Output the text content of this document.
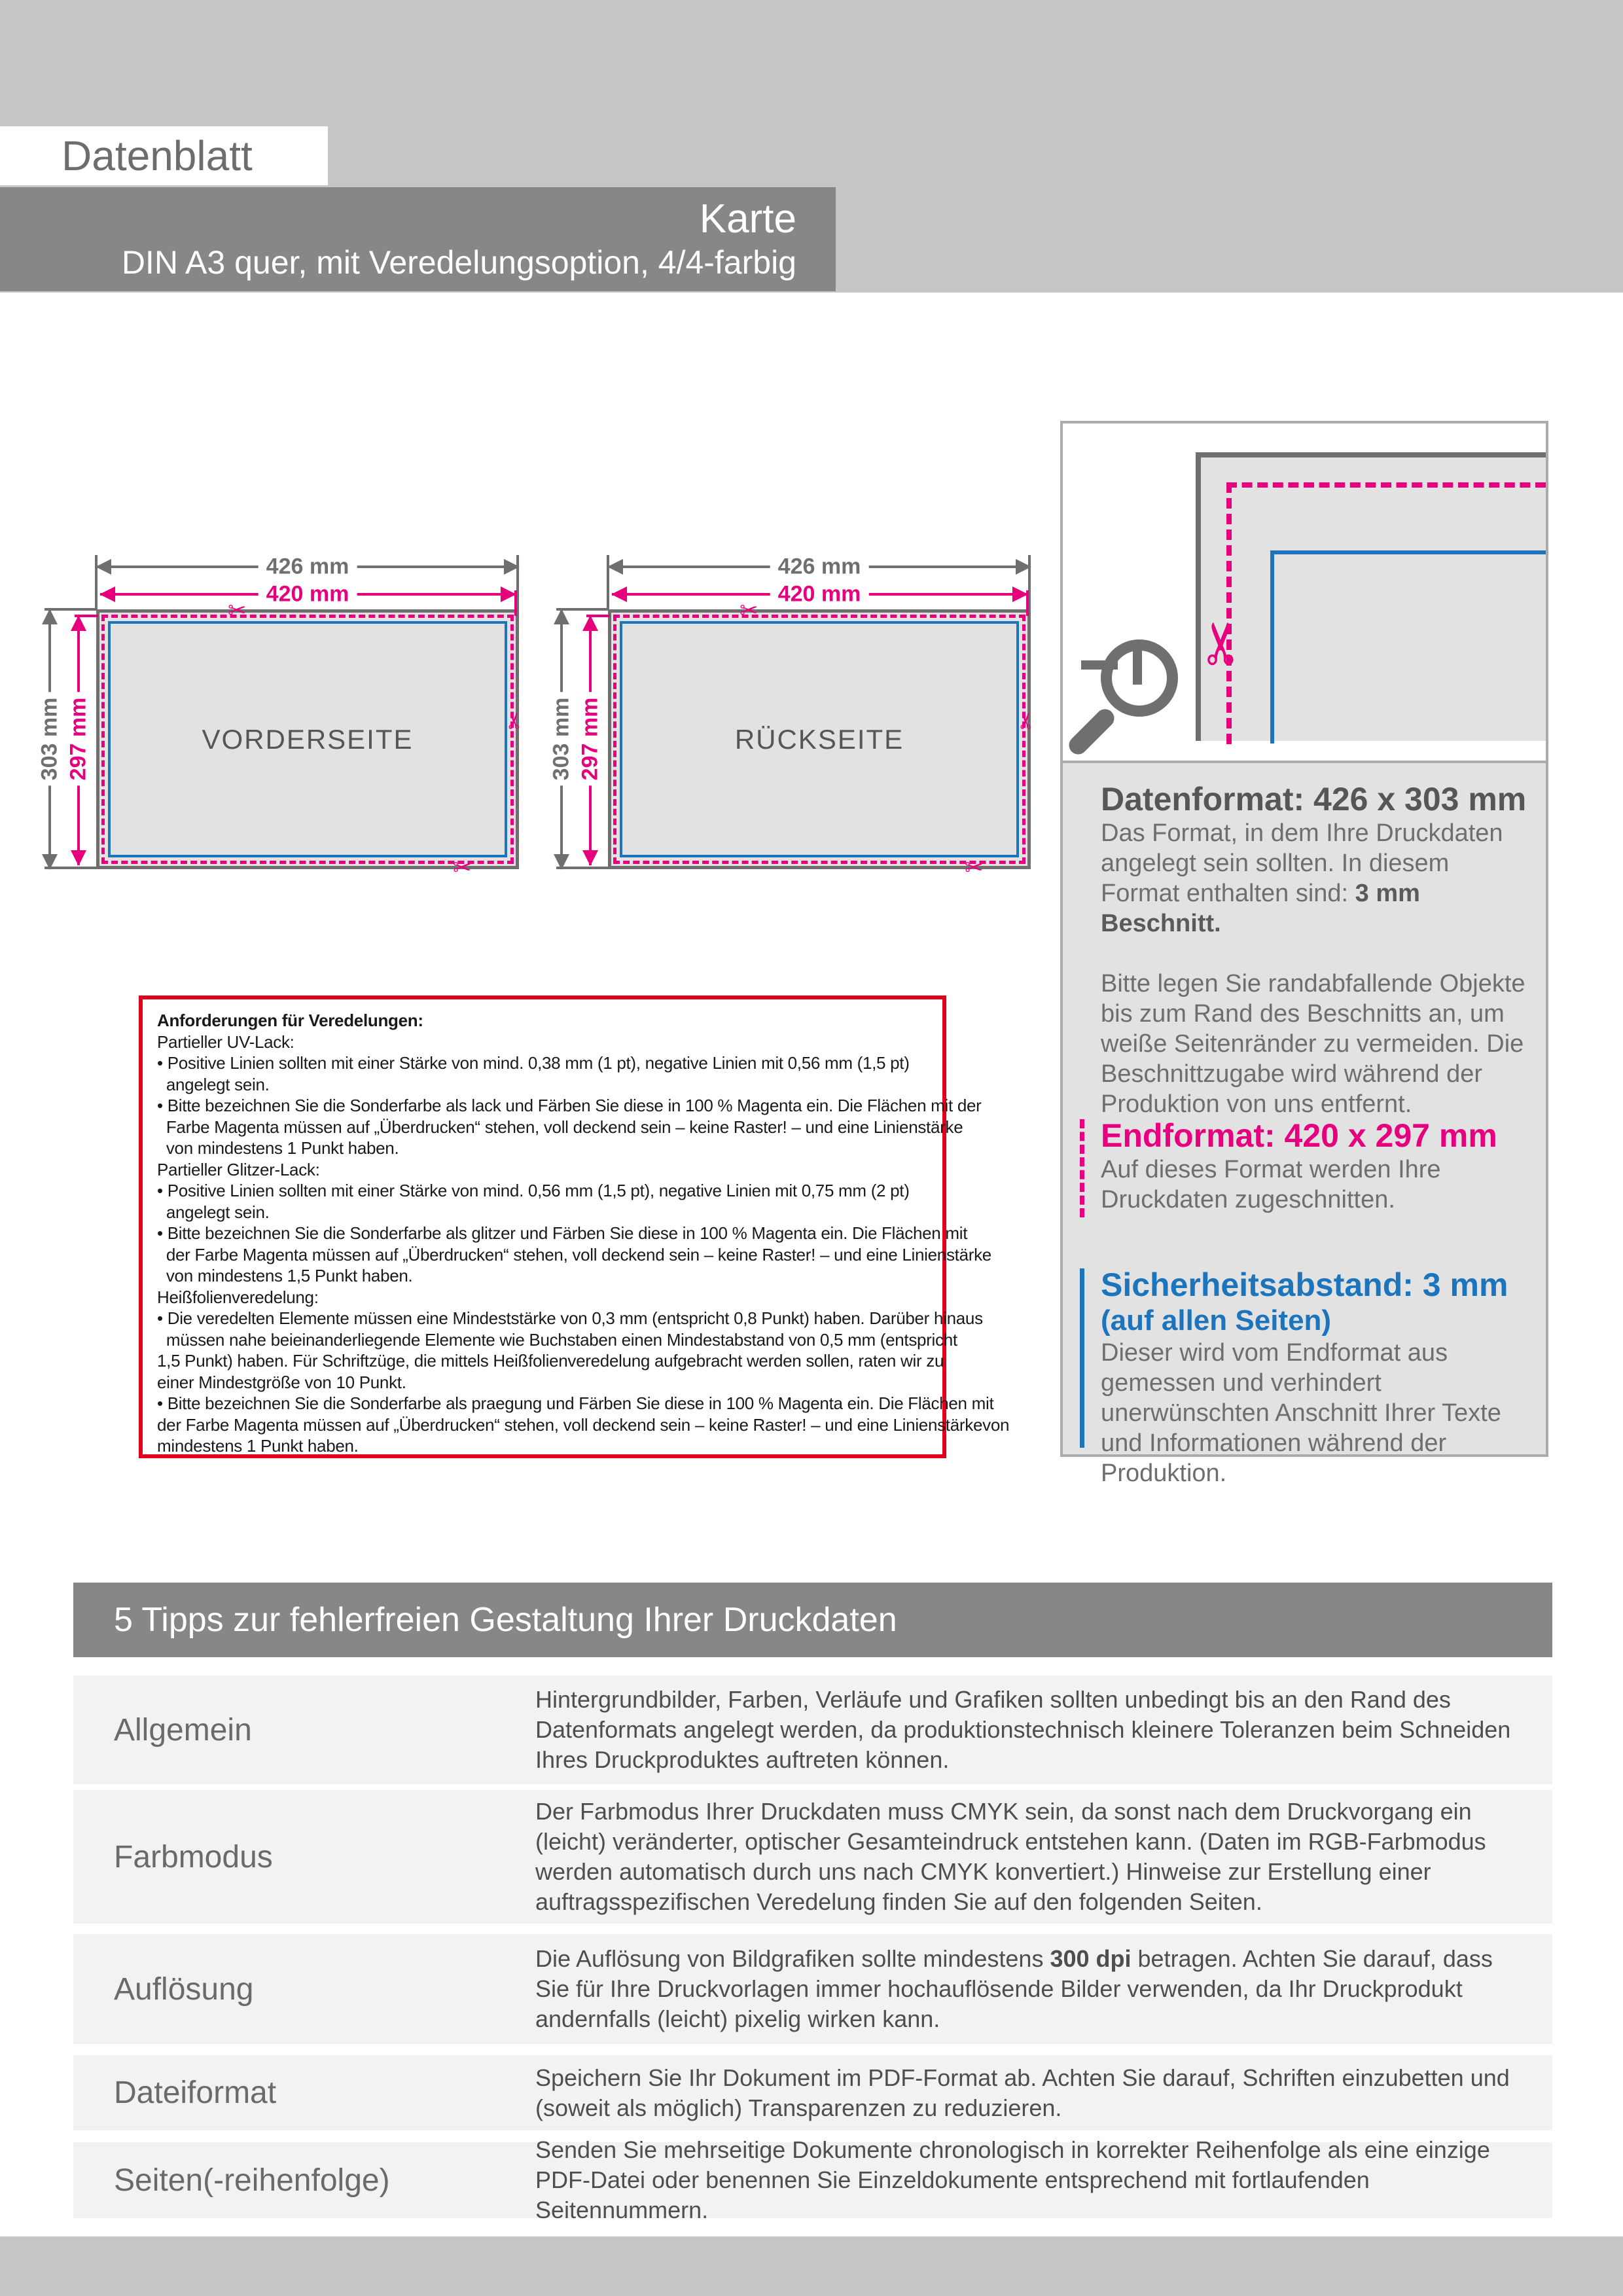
Datenblatt
Karte
DIN A3 quer, mit Veredelungsoption, 4/4-farbig
✂
✂
✂
VORDERSEITE
426 mm
420 mm
303 mm 297 mm
✂
✂
✂
RÜCKSEITE
426 mm
420 mm
303 mm 297 mm
Anforderungen für Veredelungen:
Partieller UV-Lack:
• Positive Linien sollten mit einer Stärke von mind. 0,38 mm (1 pt), negative Linien mit 0,56 mm (1,5 pt)
angelegt sein.
• Bitte bezeichnen Sie die Sonderfarbe als lack und Färben Sie diese in 100 % Magenta ein. Die Flächen mit der
Farbe Magenta müssen auf „Überdrucken“ stehen, voll deckend sein – keine Raster! – und eine Linienstärke
von mindestens 1 Punkt haben.
Partieller Glitzer-Lack:
• Positive Linien sollten mit einer Stärke von mind. 0,56 mm (1,5 pt), negative Linien mit 0,75 mm (2 pt)
angelegt sein.
• Bitte bezeichnen Sie die Sonderfarbe als glitzer und Färben Sie diese in 100 % Magenta ein. Die Flächen mit
der Farbe Magenta müssen auf „Überdrucken“ stehen, voll deckend sein – keine Raster! – und eine Linienstärke
von mindestens 1,5 Punkt haben.
Heißfolienveredelung:
• Die veredelten Elemente müssen eine Mindeststärke von 0,3 mm (entspricht 0,8 Punkt) haben. Darüber hinaus
müssen nahe beieinanderliegende Elemente wie Buchstaben einen Mindestabstand von 0,5 mm (entspricht
1,5 Punkt) haben. Für Schriftzüge, die mittels Heißfolienveredelung aufgebracht werden sollen, raten wir zu
einer Mindestgröße von 10 Punkt.
• Bitte bezeichnen Sie die Sonderfarbe als praegung und Färben Sie diese in 100 % Magenta ein. Die Flächen mit
der Farbe Magenta müssen auf „Überdrucken“ stehen, voll deckend sein – keine Raster! – und eine Linienstärkevon
mindestens 1 Punkt haben.
✂
Datenformat: 426 x 303 mm
Das Format, in dem Ihre Druckdaten angelegt sein sollten. In diesem Format enthalten sind: 3 mm Beschnitt.
Bitte legen Sie randabfallende Objekte bis zum Rand des Beschnitts an, um weiße Seitenränder zu vermeiden. Die Beschnittzugabe wird während der Produktion von uns entfernt.
Endformat: 420 x 297 mm
Auf dieses Format werden Ihre Druckdaten zugeschnitten.
Sicherheitsabstand: 3 mm
(auf allen Seiten)
Dieser wird vom Endformat aus gemessen und verhindert unerwünschten Anschnitt Ihrer Texte und Informationen während der Produktion.
5 Tipps zur fehlerfreien Gestaltung Ihrer Druckdaten
Allgemein
Hintergrundbilder, Farben, Verläufe und Grafiken sollten unbedingt bis an den Rand des Datenformats angelegt werden, da produktionstechnisch kleinere Toleranzen beim Schneiden Ihres Druckproduktes auftreten können.
Farbmodus
Der Farbmodus Ihrer Druckdaten muss CMYK sein, da sonst nach dem Druckvorgang ein (leicht) veränderter, optischer Gesamteindruck entstehen kann. (Daten im RGB-Farbmodus werden automatisch durch uns nach CMYK konvertiert.) Hinweise zur Erstellung einer auftragsspezifischen Veredelung finden Sie auf den folgenden Seiten.
Auflösung
Die Auflösung von Bildgrafiken sollte mindestens 300 dpi betragen. Achten Sie darauf, dass Sie für Ihre Druckvorlagen immer hochauflösende Bilder verwenden, da Ihr Druckprodukt andernfalls (leicht) pixelig wirken kann.
Dateiformat	Speichern Sie Ihr Dokument im PDF-Format ab. Achten Sie darauf, Schriften einzubetten und (soweit als möglich) Transparenzen zu reduzieren.
Seiten(-reihenfolge)
Senden Sie mehrseitige Dokumente chronologisch in korrekter Reihenfolge als eine einzige PDF-Datei oder benennen Sie Einzeldokumente entsprechend mit fortlaufenden Seitennummern.
